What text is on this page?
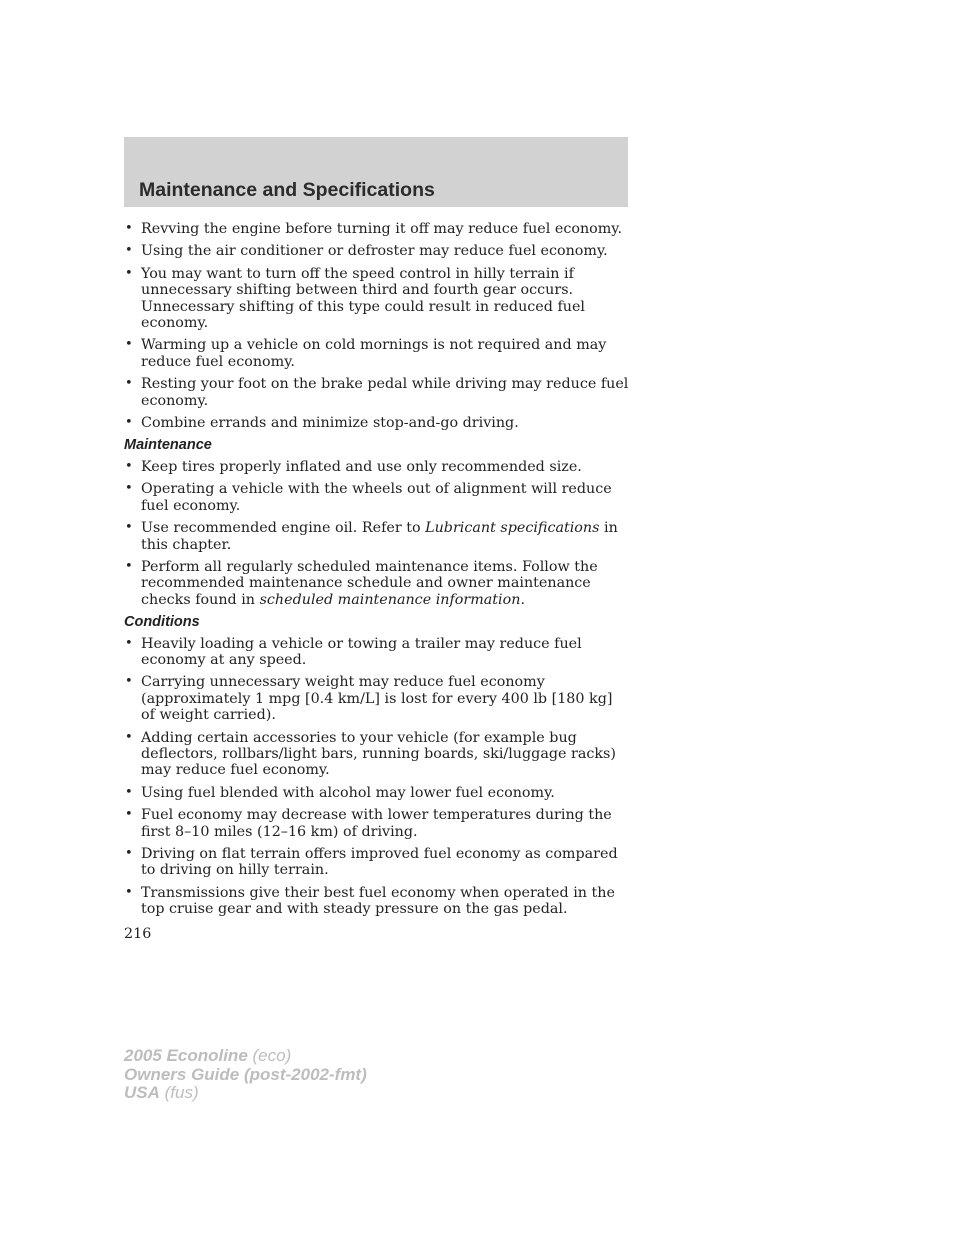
Maintenance and Specifications
• Revving the engine before turning it off may reduce fuel economy.
• Using the air conditioner or defroster may reduce fuel economy.
• You may want to turn off the speed control in hilly terrain if unnecessary shifting between third and fourth gear occurs. Unnecessary shifting of this type could result in reduced fuel economy.
• Warming up a vehicle on cold mornings is not required and may reduce fuel economy.
• Resting your foot on the brake pedal while driving may reduce fuel economy.
• Combine errands and minimize stop-and-go driving.
Maintenance
• Keep tires properly inflated and use only recommended size.
• Operating a vehicle with the wheels out of alignment will reduce fuel economy.
• Use recommended engine oil. Refer to Lubricant specifications in this chapter.
• Perform all regularly scheduled maintenance items. Follow the recommended maintenance schedule and owner maintenance checks found in scheduled maintenance information.
Conditions
• Heavily loading a vehicle or towing a trailer may reduce fuel economy at any speed.
• Carrying unnecessary weight may reduce fuel economy (approximately 1 mpg [0.4 km/L] is lost for every 400 lb [180 kg] of weight carried).
• Adding certain accessories to your vehicle (for example bug deflectors, rollbars/light bars, running boards, ski/luggage racks) may reduce fuel economy.
• Using fuel blended with alcohol may lower fuel economy.
• Fuel economy may decrease with lower temperatures during the first 8–10 miles (12–16 km) of driving.
• Driving on flat terrain offers improved fuel economy as compared to driving on hilly terrain.
• Transmissions give their best fuel economy when operated in the top cruise gear and with steady pressure on the gas pedal.
216
2005 Econoline (eco)
Owners Guide (post-2002-fmt)
USA (fus)
